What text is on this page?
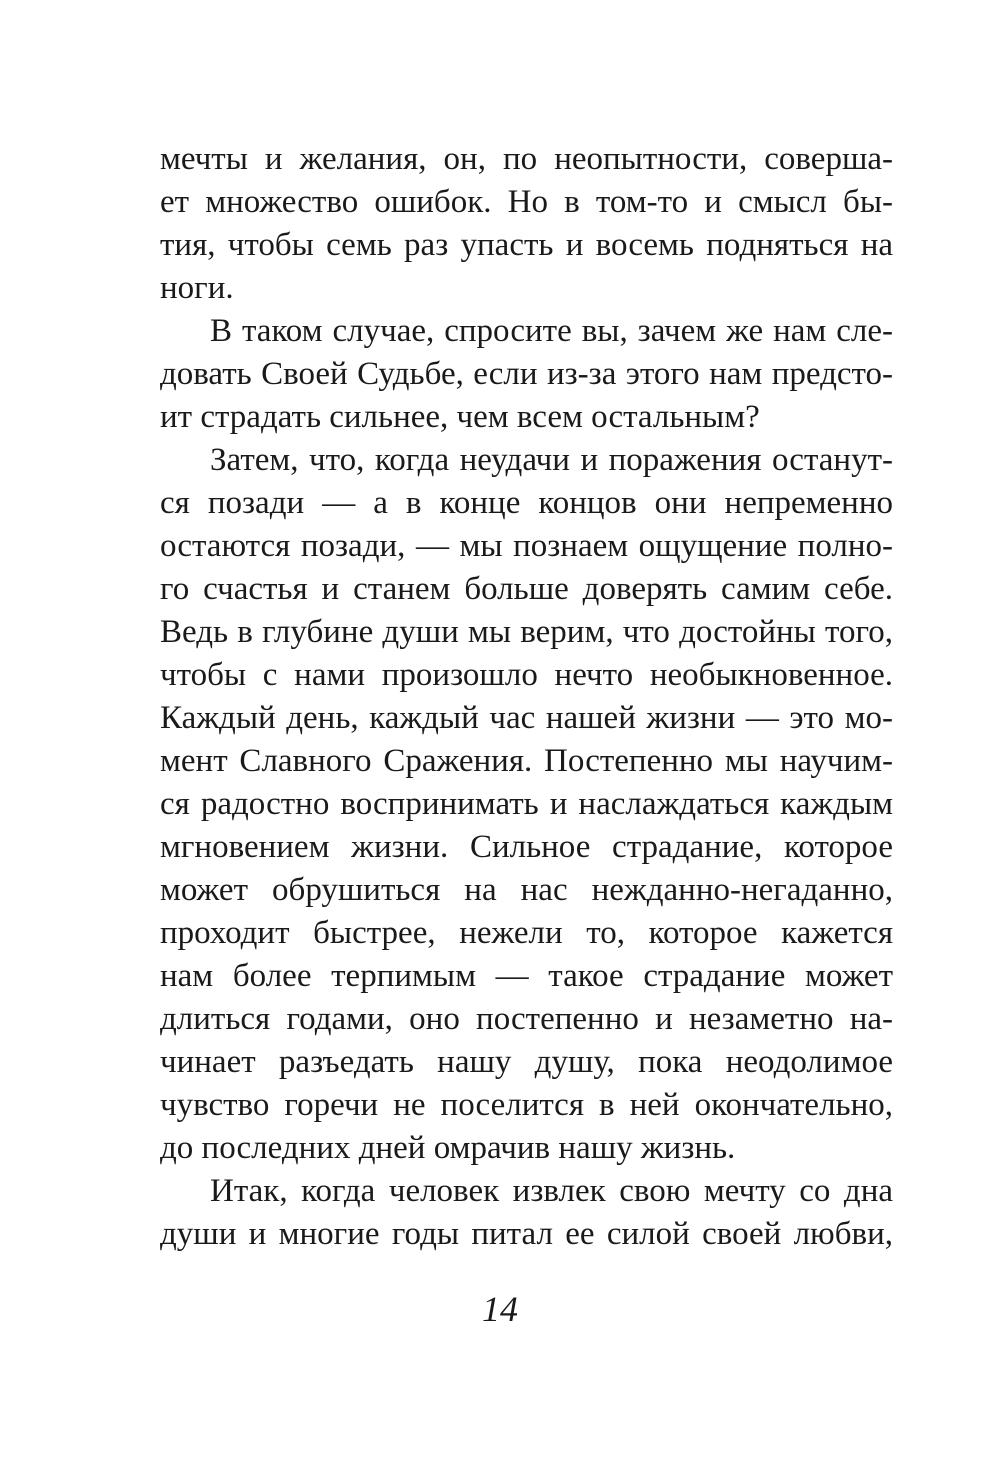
мечты и желания, он, по неопытности, соверша-
ет множество ошибок. Но в том-то и смысл бы-
тия, чтобы семь раз упасть и восемь подняться на
ноги.
В таком случае, спросите вы, зачем же нам сле-
довать Своей Судьбе, если из-за этого нам предсто-
ит страдать сильнее, чем всем остальным?
Затем, что, когда неудачи и поражения останут-
ся позади — а в конце концов они непременно
остаются позади, — мы познаем ощущение полно-
го счастья и станем больше доверять самим себе.
Ведь в глубине души мы верим, что достойны того,
чтобы с нами произошло нечто необыкновенное.
Каждый день, каждый час нашей жизни — это мо-
мент Славного Сражения. Постепенно мы научим-
ся радостно воспринимать и наслаждаться каждым
мгновением жизни. Сильное страдание, которое
может обрушиться на нас нежданно-негаданно,
проходит быстрее, нежели то, которое кажется
нам более терпимым — такое страдание может
длиться годами, оно постепенно и незаметно на-
чинает разъедать нашу душу, пока неодолимое
чувство горечи не поселится в ней окончательно,
до последних дней омрачив нашу жизнь.
Итак, когда человек извлек свою мечту со дна
души и многие годы питал ее силой своей любви,
14
